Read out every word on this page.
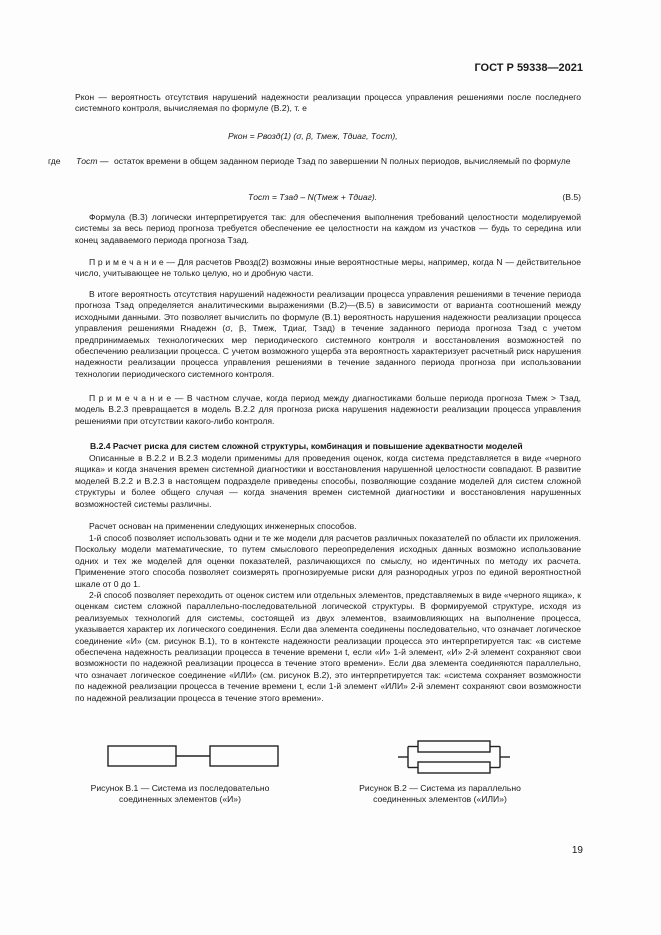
ГОСТ Р 59338—2021
Pкон — вероятность отсутствия нарушений надежности реализации процесса управления решениями после последнего системного контроля, вычисляемая по формуле (В.2), т. е
Pкон = Pвозд(1) (σ, β, Tмеж, Tдиаг, Tост),
где Tост — остаток времени в общем заданном периоде Tзад по завершении N полных периодов, вычисляемый по формуле
Tост = Tзад – N(Tмеж + Tдиаг).	(В.5)
Формула (В.3) логически интерпретируется так: для обеспечения выполнения требований целостности моделируемой системы за весь период прогноза требуется обеспечение ее целостности на каждом из участков — будь то середина или конец задаваемого периода прогноза Tзад.
П р и м е ч а н и е — Для расчетов Pвозд(2) возможны иные вероятностные меры, например, когда N — действительное число, учитывающее не только целую, но и дробную части.
В итоге вероятность отсутствия нарушений надежности реализации процесса управления решениями в течение периода прогноза Tзад определяется аналитическими выражениями (В.2)—(В.5) в зависимости от варианта соотношений между исходными данными. Это позволяет вычислить по формуле (В.1) вероятность нарушения надежности реализации процесса управления решениями Rнадежн (σ, β, Tмеж, Tдиаг, Tзад) в течение заданного периода прогноза Tзад с учетом предпринимаемых технологических мер периодического системного контроля и восстановления возможностей по обеспечению реализации процесса. С учетом возможного ущерба эта вероятность характеризует расчетный риск нарушения надежности реализации процесса управления решениями в течение заданного периода прогноза при использовании технологии периодического системного контроля.
П р и м е ч а н и е — В частном случае, когда период между диагностиками больше периода прогноза Tмеж > Tзад, модель В.2.3 превращается в модель В.2.2 для прогноза риска нарушения надежности реализации процесса управления решениями при отсутствии какого-либо контроля.
В.2.4 Расчет риска для систем сложной структуры, комбинация и повышение адекватности моделей
Описанные в В.2.2 и В.2.3 модели применимы для проведения оценок, когда система представляется в виде «черного ящика» и когда значения времен системной диагностики и восстановления нарушенной целостности совпадают. В развитие моделей В.2.2 и В.2.3 в настоящем подразделе приведены способы, позволяющие создание моделей для систем сложной структуры и более общего случая — когда значения времен системной диагностики и восстановления нарушенных возможностей системы различны.
Расчет основан на применении следующих инженерных способов.
1-й способ позволяет использовать одни и те же модели для расчетов различных показателей по области их приложения. Поскольку модели математические, то путем смыслового переопределения исходных данных возможно использование одних и тех же моделей для оценки показателей, различающихся по смыслу, но идентичных по методу их расчета. Применение этого способа позволяет соизмерять прогнозируемые риски для разнородных угроз по единой вероятностной шкале от 0 до 1.
2-й способ позволяет переходить от оценок систем или отдельных элементов, представляемых в виде «черного ящика», к оценкам систем сложной параллельно-последовательной логической структуры. В формируемой структуре, исходя из реализуемых технологий для системы, состоящей из двух элементов, взаимовлияющих на выполнение процесса, указывается характер их логического соединения. Если два элемента соединены последовательно, что означает логическое соединение «И» (см. рисунок В.1), то в контексте надежности реализации процесса это интерпретируется так: «в системе обеспечена надежность реализации процесса в течение времени t, если «И» 1-й элемент, «И» 2-й элемент сохраняют свои возможности по надежной реализации процесса в течение этого времени». Если два элемента соединяются параллельно, что означает логическое соединение «ИЛИ» (см. рисунок В.2), это интерпретируется так: «система сохраняет возможности по надежной реализации процесса в течение времени t, если 1-й элемент «ИЛИ» 2-й элемент сохраняют свои возможности по надежной реализации процесса в течение этого времени».
Рисунок В.1 — Система из последовательно
соединенных элементов («И»)
Рисунок В.2 — Система из параллельно
соединенных элементов («ИЛИ»)
19
